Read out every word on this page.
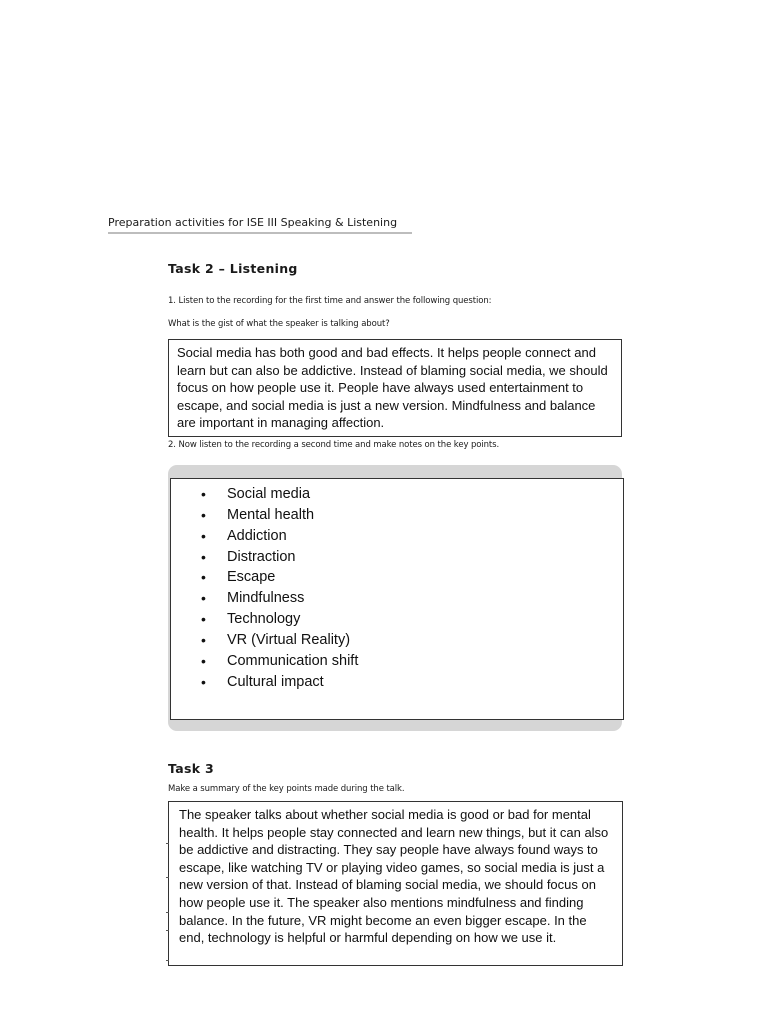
Preparation activities for ISE III Speaking & Listening
Task 2 – Listening
1. Listen to the recording for the first time and answer the following question:
What is the gist of what the speaker is talking about?
Social media has both good and bad effects. It helps people connect and learn but can also be addictive. Instead of blaming social media, we should focus on how people use it. People have always used entertainment to escape, and social media is just a new version. Mindfulness and balance are important in managing affection.
2. Now listen to the recording a second time and make notes on the key points.
• Social media
• Mental health
• Addiction
• Distraction
• Escape
• Mindfulness
• Technology
• VR (Virtual Reality)
• Communication shift
• Cultural impact
Task 3
Make a summary of the key points made during the talk.
The speaker talks about whether social media is good or bad for mental health. It helps people stay connected and learn new things, but it can also be addictive and distracting. They say people have always found ways to escape, like watching TV or playing video games, so social media is just a new version of that. Instead of blaming social media, we should focus on how people use it. The speaker also mentions mindfulness and finding balance. In the future, VR might become an even bigger escape. In the end, technology is helpful or harmful depending on how we use it.
